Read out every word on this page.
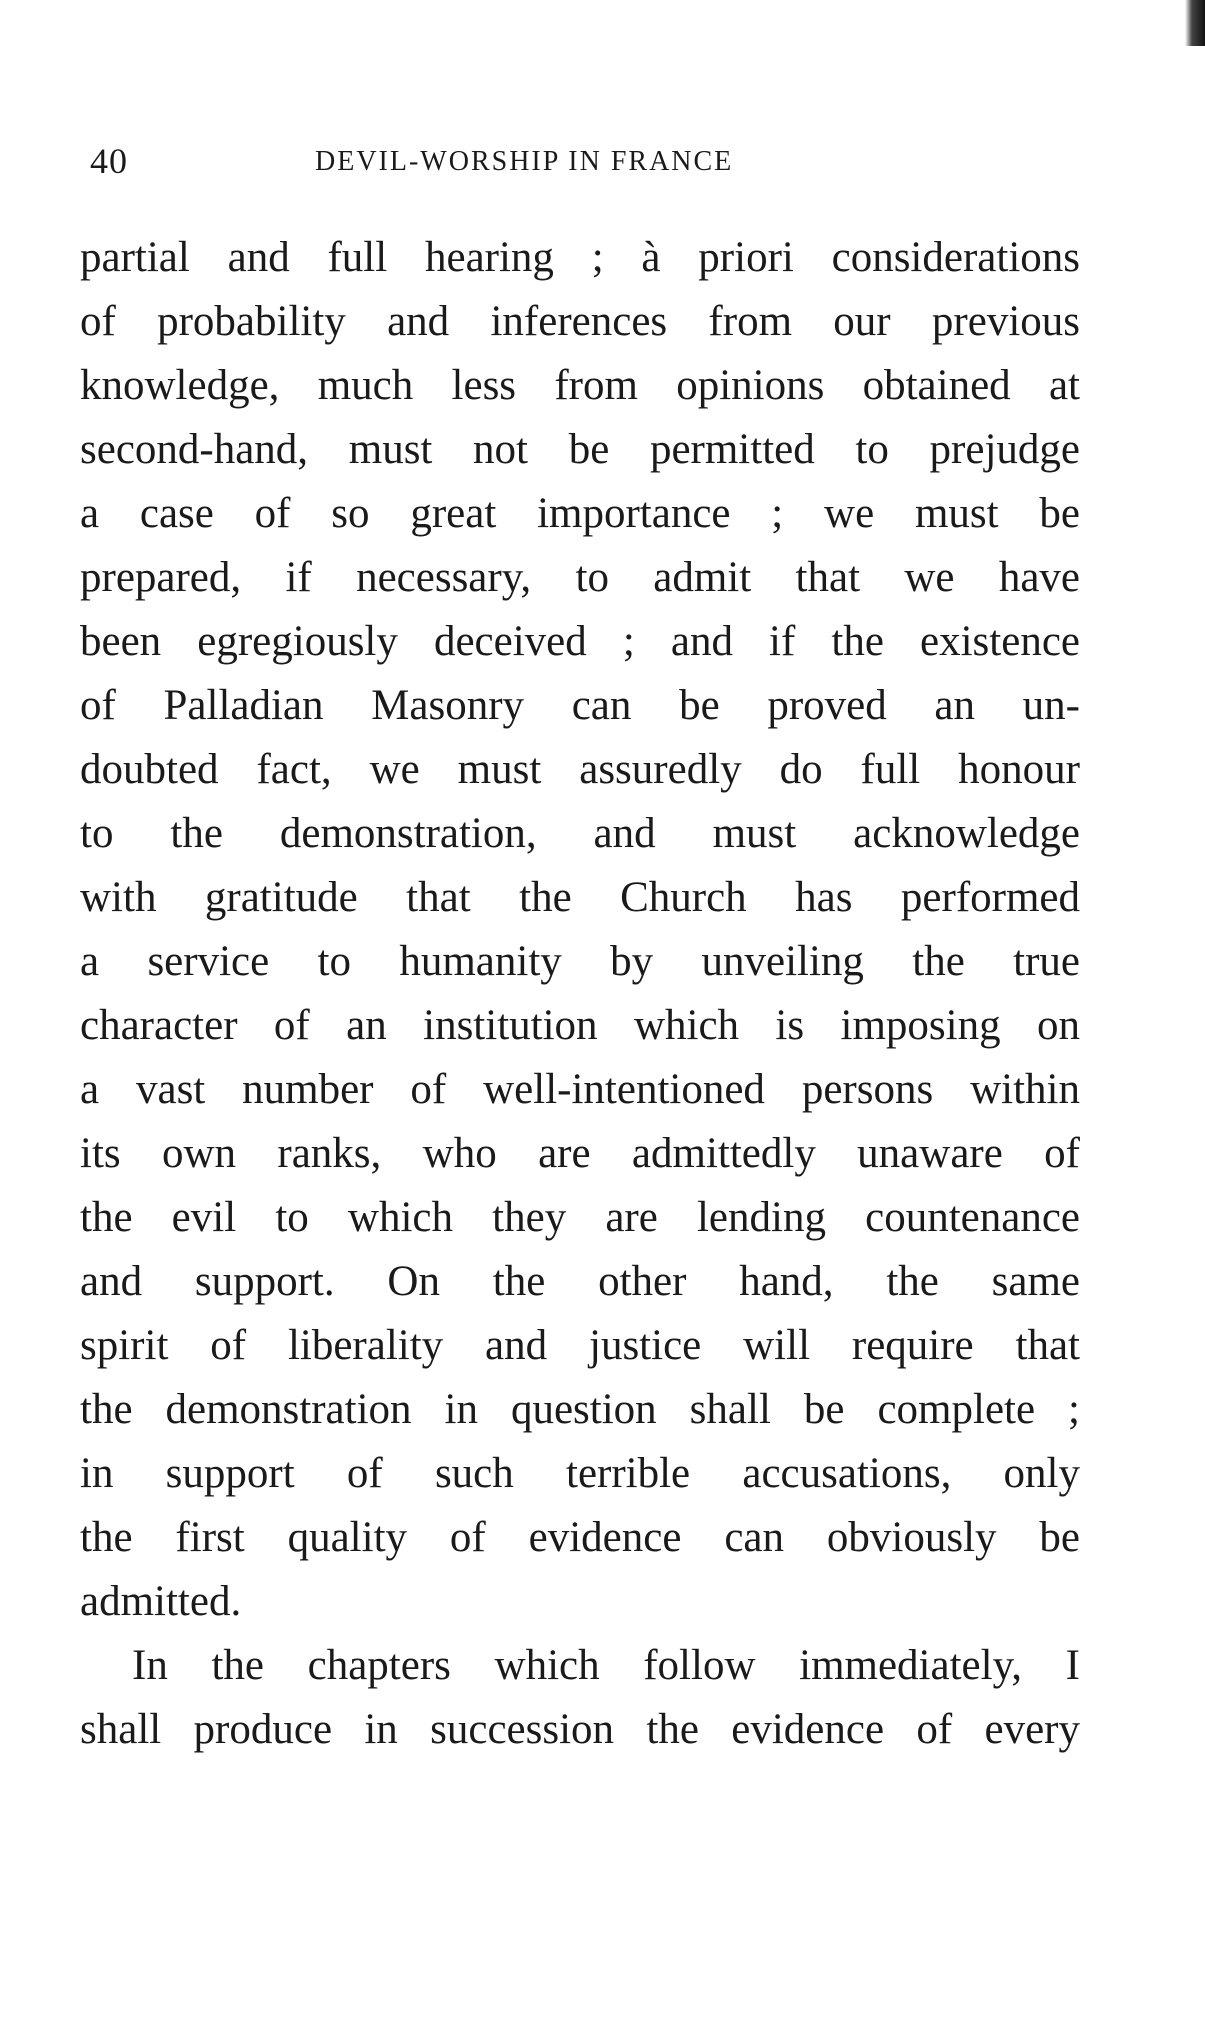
40	DEVIL-WORSHIP IN FRANCE
partial and full hearing ; à priori considerations
of probability and inferences from our previous
knowledge, much less from opinions obtained at
second-hand, must not be permitted to prejudge
a case of so great importance ; we must be
prepared, if necessary, to admit that we have
been egregiously deceived ; and if the existence
of Palladian Masonry can be proved an un-
doubted fact, we must assuredly do full honour
to the demonstration, and must acknowledge
with gratitude that the Church has performed
a service to humanity by unveiling the true
character of an institution which is imposing on
a vast number of well-intentioned persons within
its own ranks, who are admittedly unaware of
the evil to which they are lending countenance
and support. On the other hand, the same
spirit of liberality and justice will require that
the demonstration in question shall be complete ;
in support of such terrible accusations, only
the first quality of evidence can obviously be
admitted.
In the chapters which follow immediately, I
shall produce in succession the evidence of every
